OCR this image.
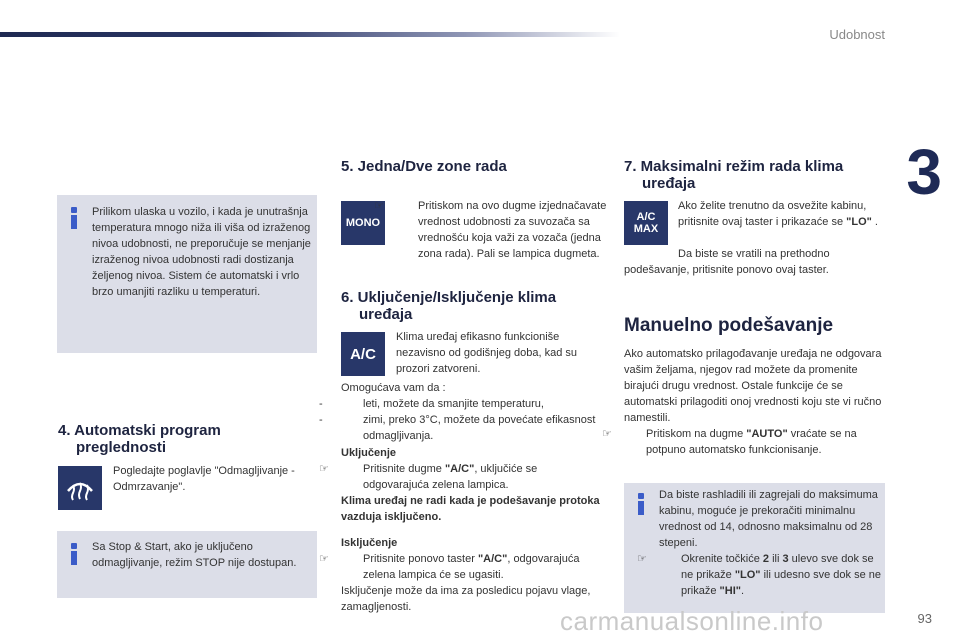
Udobnost
3
Prilikom ulaska u vozilo, i kada je unutrašnja temperatura mnogo niža ili viša od izraženog nivoa udobnosti, ne preporučuje se menjanje izraženog nivoa udobnosti radi dostizanja željenog nivoa. Sistem će automatski i vrlo brzo umanjiti razliku u temperaturi.
4. Automatski program
preglednosti
Pogledajte poglavlje "Odmagljivanje - Odmrzavanje".
Sa Stop & Start, ako je uključeno odmagljivanje, režim STOP nije dostupan.
5. Jedna/Dve zone rada
MONO
☞	Pritiskom na ovo dugme izjednačavate vrednost udobnosti za suvozača sa vrednošću koja važi za vozača (jedna zona rada). Pali se lampica dugmeta.
6. Uključenje/Isključenje klima
uređaja
A/C
Klima uređaj efikasno funkcioniše nezavisno od godišnjeg doba, kad su prozori zatvoreni.
Omogućava vam da :
-	leti, možete da smanjite temperaturu,
-	zimi, preko 3°C, možete da povećate efikasnost odmagljivanja.
Uključenje
☞	Pritisnite dugme "A/C", uključiće se odgovarajuća zelena lampica.
Klima uređaj ne radi kada je podešavanje protoka vazduja isključeno.
Isključenje
☞	Pritisnite ponovo taster "A/C", odgovarajuća zelena lampica će se ugasiti.
Isključenje može da ima za posledicu pojavu vlage, zamagljenosti.
7. Maksimalni režim rada klima
uređaja
A/C
MAX
Ako želite trenutno da osvežite kabinu, pritisnite ovaj taster i prikazaće se "LO" .
Da biste se vratili na prethodno podešavanje, pritisnite ponovo ovaj taster.
Manuelno podešavanje
Ako automatsko prilagođavanje uređaja ne odgovara vašim željama, njegov rad možete da promenite birajući drugu vrednost. Ostale funkcije će se automatski prilagoditi onoj vrednosti koju ste vi ručno namestili.
☞	Pritiskom na dugme "AUTO" vraćate se na potpuno automatsko funkcionisanje.
Da biste rashladili ili zagrejali do maksimuma kabinu, moguće je prekoračiti minimalnu vrednost od 14, odnosno maksimalnu od 28 stepeni.
☞	Okrenite točkiće 2 ili 3 ulevo sve dok se ne prikaže "LO" ili udesno sve dok se ne prikaže "HI".
carmanualsonline.info	93
